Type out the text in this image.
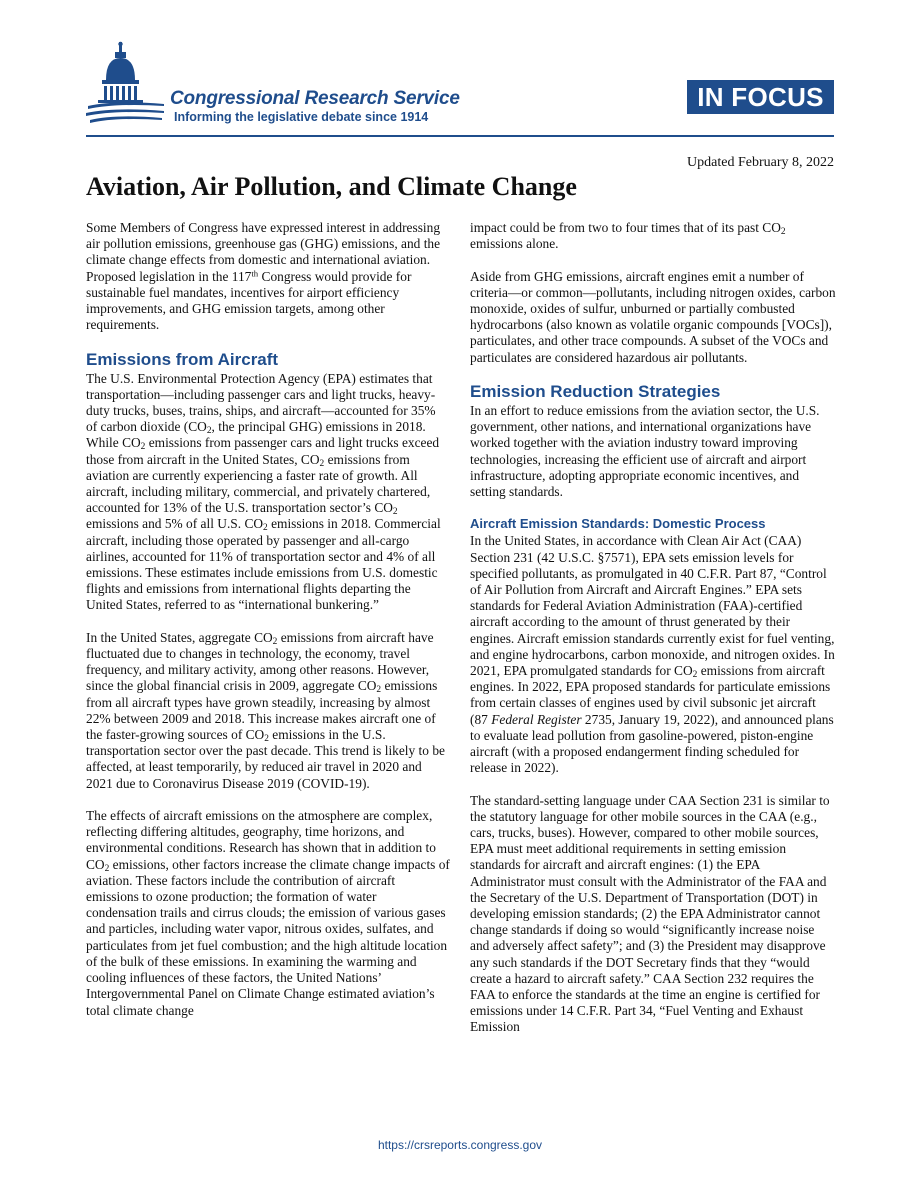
Congressional Research Service
Informing the legislative debate since 1914
IN FOCUS
Updated February 8, 2022
Aviation, Air Pollution, and Climate Change

Some Members of Congress have expressed interest in addressing air pollution emissions, greenhouse gas (GHG) emissions, and the climate change effects from domestic and international aviation. Proposed legislation in the 117th Congress would provide for sustainable fuel mandates, incentives for airport efficiency improvements, and GHG emission targets, among other requirements.

Emissions from Aircraft

The U.S. Environmental Protection Agency (EPA) estimates that transportation—including passenger cars and light trucks, heavy-duty trucks, buses, trains, ships, and aircraft—accounted for 35% of carbon dioxide ($CO_2$, the principal GHG) emissions in 2018. While $CO_2$ emissions from passenger cars and light trucks exceed those from aircraft in the United States, $CO_2$ emissions from aviation are currently experiencing a faster rate of growth. All aircraft, including military, commercial, and privately chartered, accounted for 13% of the U.S. transportation sector’s $CO_2$ emissions and 5% of all U.S. $CO_2$ emissions in 2018. Commercial aircraft, including those operated by passenger and all-cargo airlines, accounted for 11% of transportation sector and 4% of all emissions. These estimates include emissions from U.S. domestic flights and emissions from international flights departing the United States, referred to as “international bunkering.”

In the United States, aggregate $CO_2$ emissions from aircraft have fluctuated due to changes in technology, the economy, travel frequency, and military activity, among other reasons. However, since the global financial crisis in 2009, aggregate $CO_2$ emissions from all aircraft types have grown steadily, increasing by almost 22% between 2009 and 2018. This increase makes aircraft one of the faster-growing sources of $CO_2$ emissions in the U.S. transportation sector over the past decade. This trend is likely to be affected, at least temporarily, by reduced air travel in 2020 and 2021 due to Coronavirus Disease 2019 (COVID-19).

The effects of aircraft emissions on the atmosphere are complex, reflecting differing altitudes, geography, time horizons, and environmental conditions. Research has shown that in addition to $CO_2$ emissions, other factors increase the climate change impacts of aviation. These factors include the contribution of aircraft emissions to ozone production; the formation of water condensation trails and cirrus clouds; the emission of various gases and particles, including water vapor, nitrous oxides, sulfates, and particulates from jet fuel combustion; and the high altitude location of the bulk of these emissions. In examining the warming and cooling influences of these factors, the United Nations’ Intergovernmental Panel on Climate Change estimated aviation’s total climate change

impact could be from two to four times that of its past $CO_2$ emissions alone.

Aside from GHG emissions, aircraft engines emit a number of criteria—or common—pollutants, including nitrogen oxides, carbon monoxide, oxides of sulfur, unburned or partially combusted hydrocarbons (also known as volatile organic compounds [VOCs]), particulates, and other trace compounds. A subset of the VOCs and particulates are considered hazardous air pollutants.

Emission Reduction Strategies

In an effort to reduce emissions from the aviation sector, the U.S. government, other nations, and international organizations have worked together with the aviation industry toward improving technologies, increasing the efficient use of aircraft and airport infrastructure, adopting appropriate economic incentives, and setting standards.

Aircraft Emission Standards: Domestic Process

In the United States, in accordance with Clean Air Act (CAA) Section 231 (42 U.S.C. §7571), EPA sets emission levels for specified pollutants, as promulgated in 40 C.F.R. Part 87, “Control of Air Pollution from Aircraft and Aircraft Engines.” EPA sets standards for Federal Aviation Administration (FAA)-certified aircraft according to the amount of thrust generated by their engines. Aircraft emission standards currently exist for fuel venting, and engine hydrocarbons, carbon monoxide, and nitrogen oxides. In 2021, EPA promulgated standards for $CO_2$ emissions from aircraft engines. In 2022, EPA proposed standards for particulate emissions from certain classes of engines used by civil subsonic jet aircraft (87 Federal Register 2735, January 19, 2022), and announced plans to evaluate lead pollution from gasoline-powered, piston-engine aircraft (with a proposed endangerment finding scheduled for release in 2022).

The standard-setting language under CAA Section 231 is similar to the statutory language for other mobile sources in the CAA (e.g., cars, trucks, buses). However, compared to other mobile sources, EPA must meet additional requirements in setting emission standards for aircraft and aircraft engines: (1) the EPA Administrator must consult with the Administrator of the FAA and the Secretary of the U.S. Department of Transportation (DOT) in developing emission standards; (2) the EPA Administrator cannot change standards if doing so would “significantly increase noise and adversely affect safety”; and (3) the President may disapprove any such standards if the DOT Secretary finds that they “would create a hazard to aircraft safety.” CAA Section 232 requires the FAA to enforce the standards at the time an engine is certified for emissions under 14 C.F.R. Part 34, “Fuel Venting and Exhaust Emission

https://crsreports.congress.gov
